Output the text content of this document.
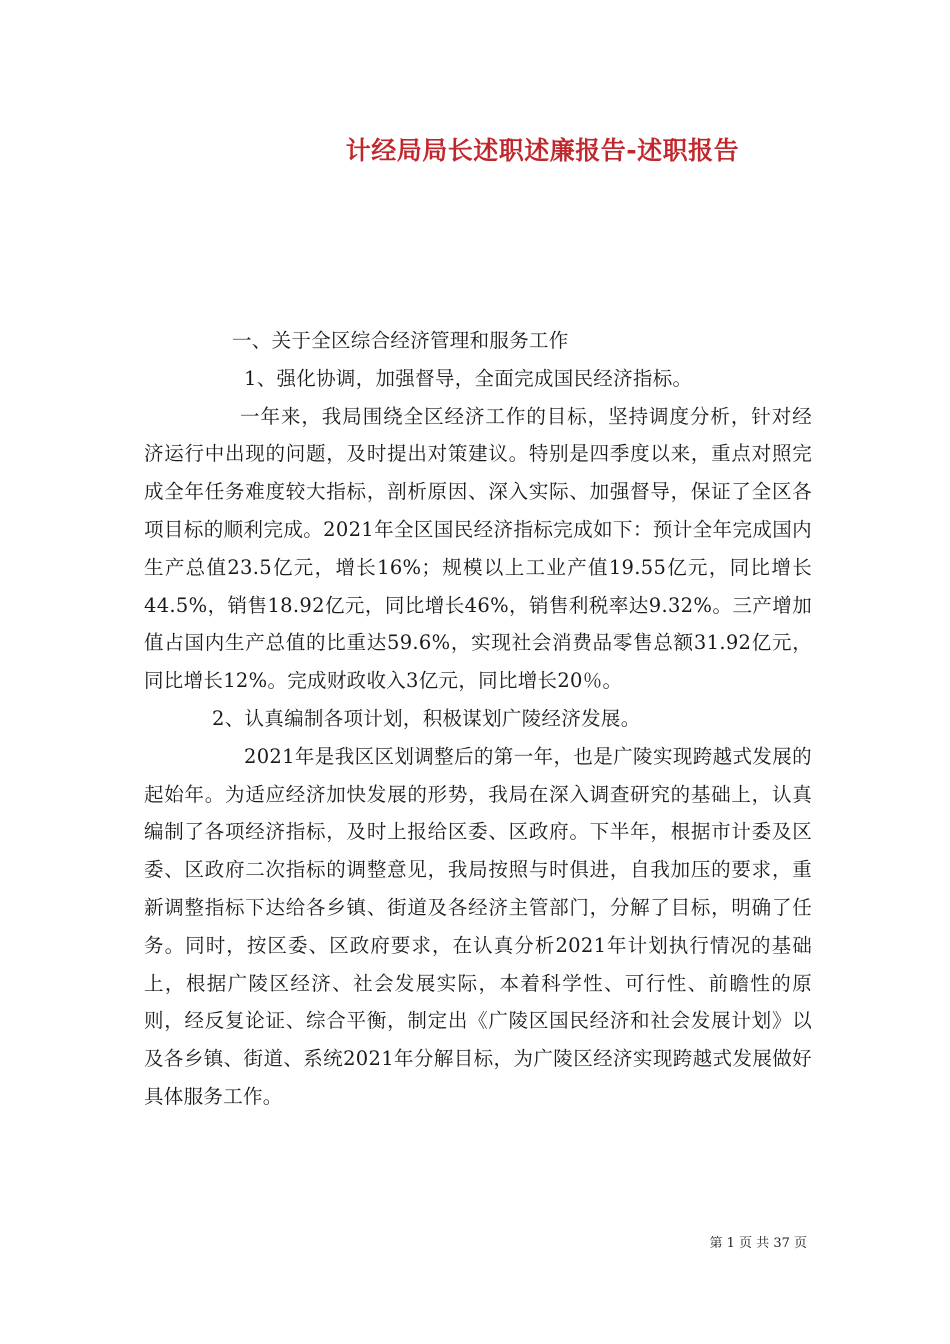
计经局局长述职述廉报告-述职报告

一、关于全区综合经济管理和服务工作

1、强化协调，加强督导，全面完成国民经济指标。

一年来，我局围绕全区经济工作的目标，坚持调度分析，针对经济运行中出现的问题，及时提出对策建议。特别是四季度以来，重点对照完成全年任务难度较大指标，剖析原因、深入实际、加强督导，保证了全区各项目标的顺利完成。2021年全区国民经济指标完成如下：预计全年完成国内生产总值23.5亿元，增长16%；规模以上工业产值19.55亿元，同比增长44.5%，销售18.92亿元，同比增长46%，销售利税率达9.32%。三产增加值占国内生产总值的比重达59.6%，实现社会消费品零售总额31.92亿元，同比增长12%。完成财政收入3亿元，同比增长20％。

2、认真编制各项计划，积极谋划广陵经济发展。

2021年是我区区划调整后的第一年，也是广陵实现跨越式发展的起始年。为适应经济加快发展的形势，我局在深入调查研究的基础上，认真编制了各项经济指标，及时上报给区委、区政府。下半年，根据市计委及区委、区政府二次指标的调整意见，我局按照与时俱进，自我加压的要求，重新调整指标下达给各乡镇、街道及各经济主管部门，分解了目标，明确了任务。同时，按区委、区政府要求，在认真分析2021年计划执行情况的基础上，根据广陵区经济、社会发展实际，本着科学性、可行性、前瞻性的原则，经反复论证、综合平衡，制定出《广陵区国民经济和社会发展计划》以及各乡镇、街道、系统2021年分解目标，为广陵区经济实现跨越式发展做好具体服务工作。

第 1 页 共 37 页
